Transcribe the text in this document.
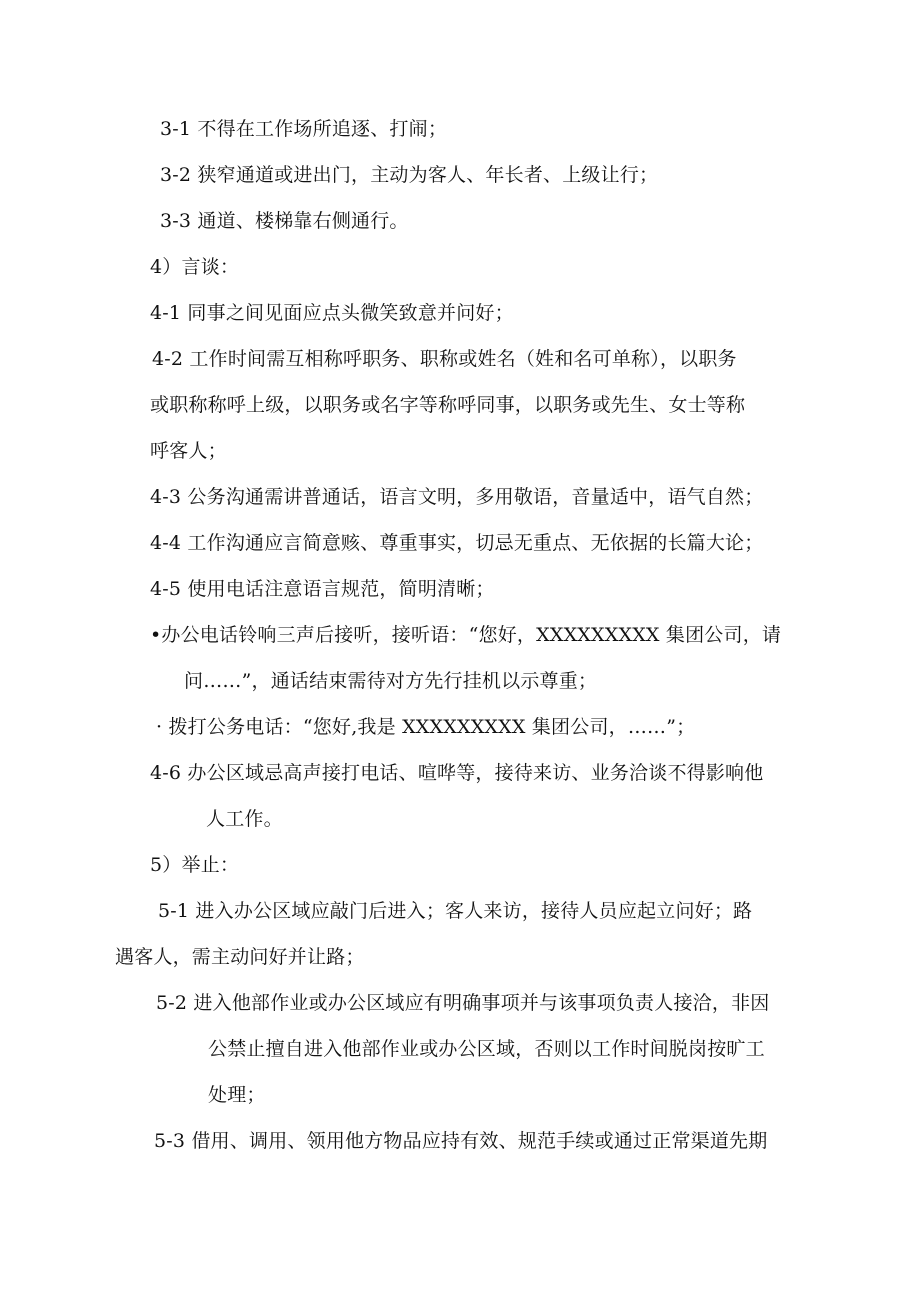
3-1 不得在工作场所追逐、打闹；
3-2 狭窄通道或进出门，主动为客人、年长者、上级让行；
3-3 通道、楼梯靠右侧通行。
4）言谈：
4-1 同事之间见面应点头微笑致意并问好；
4-2 工作时间需互相称呼职务、职称或姓名（姓和名可单称），以职务
或职称称呼上级，以职务或名字等称呼同事，以职务或先生、女士等称
呼客人；
4-3 公务沟通需讲普通话，语言文明，多用敬语，音量适中，语气自然；
4-4 工作沟通应言简意赅、尊重事实，切忌无重点、无依据的长篇大论；
4-5 使用电话注意语言规范，简明清晰；
•办公电话铃响三声后接听，接听语：“您好，XXXXXXXXX 集团公司，请
问……”，通话结束需待对方先行挂机以示尊重；
· 拨打公务电话：“您好,我是 XXXXXXXXX 集团公司，……”；
4-6 办公区域忌高声接打电话、喧哗等，接待来访、业务洽谈不得影响他
人工作。
5）举止：
5-1 进入办公区域应敲门后进入；客人来访，接待人员应起立问好；路
遇客人，需主动问好并让路；
5-2 进入他部作业或办公区域应有明确事项并与该事项负责人接洽，非因
公禁止擅自进入他部作业或办公区域，否则以工作时间脱岗按旷工
处理；
5-3 借用、调用、领用他方物品应持有效、规范手续或通过正常渠道先期
